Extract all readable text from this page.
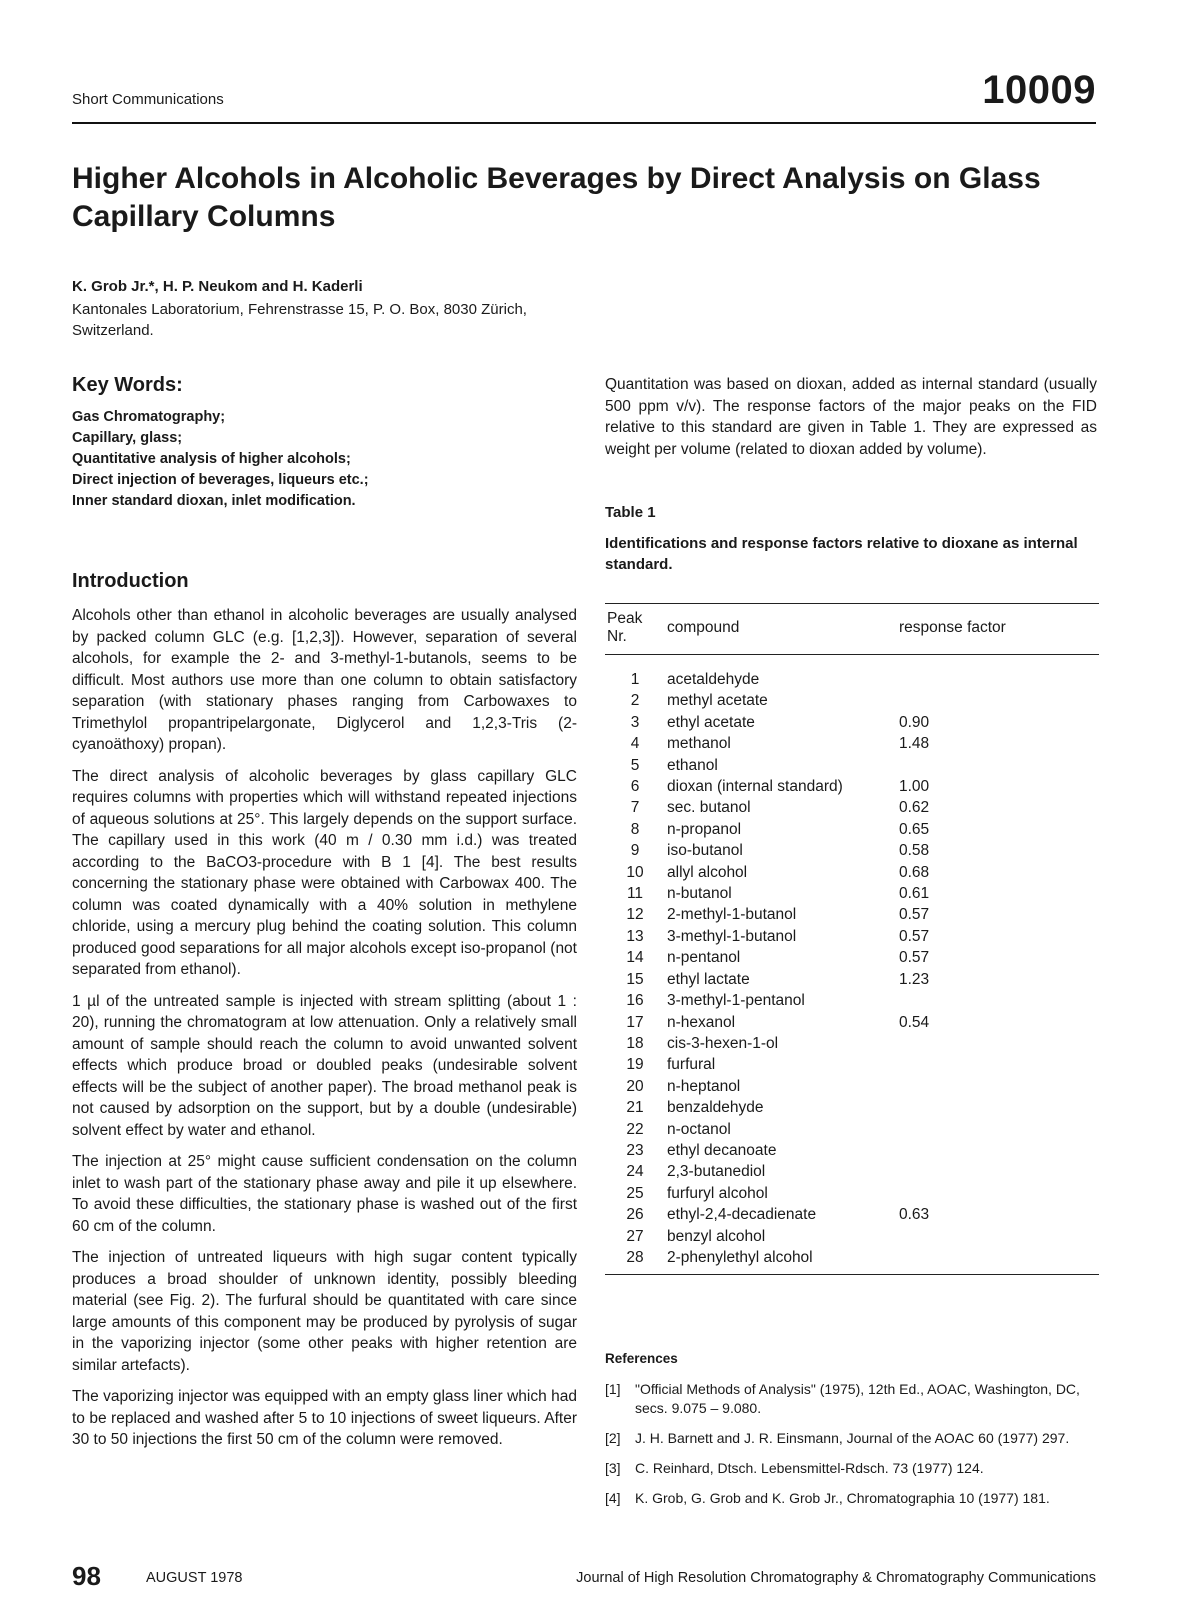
Short Communications	10009
Higher Alcohols in Alcoholic Beverages by Direct Analysis on Glass Capillary Columns
K. Grob Jr.*, H. P. Neukom and H. Kaderli
Kantonales Laboratorium, Fehrenstrasse 15, P. O. Box, 8030 Zürich, Switzerland.
Key Words:
Gas Chromatography;
Capillary, glass;
Quantitative analysis of higher alcohols;
Direct injection of beverages, liqueurs etc.;
Inner standard dioxan, inlet modification.
Introduction

Alcohols other than ethanol in alcoholic beverages are usually analysed by packed column GLC (e.g. [1,2,3]). However, separation of several alcohols, for example the 2- and 3-methyl-1-butanols, seems to be difficult. Most authors use more than one column to obtain satisfactory separation (with stationary phases ranging from Carbowaxes to Trimethylol propantripelargonate, Diglycerol and 1,2,3-Tris (2-cyanoäthoxy) propan).

The direct analysis of alcoholic beverages by glass capillary GLC requires columns with properties which will withstand repeated injections of aqueous solutions at 25°. This largely depends on the support surface. The capillary used in this work (40 m / 0.30 mm i.d.) was treated according to the BaCO3-procedure with B 1 [4]. The best results concerning the stationary phase were obtained with Carbowax 400. The column was coated dynamically with a 40% solution in methylene chloride, using a mercury plug behind the coating solution. This column produced good separations for all major alcohols except iso-propanol (not separated from ethanol).

1 µl of the untreated sample is injected with stream splitting (about 1 : 20), running the chromatogram at low attenuation. Only a relatively small amount of sample should reach the column to avoid unwanted solvent effects which produce broad or doubled peaks (undesirable solvent effects will be the subject of another paper). The broad methanol peak is not caused by adsorption on the support, but by a double (undesirable) solvent effect by water and ethanol.

The injection at 25° might cause sufficient condensation on the column inlet to wash part of the stationary phase away and pile it up elsewhere. To avoid these difficulties, the stationary phase is washed out of the first 60 cm of the column.

The injection of untreated liqueurs with high sugar content typically produces a broad shoulder of unknown identity, possibly bleeding material (see Fig. 2). The furfural should be quantitated with care since large amounts of this component may be produced by pyrolysis of sugar in the vaporizing injector (some other peaks with higher retention are similar artefacts).

The vaporizing injector was equipped with an empty glass liner which had to be replaced and washed after 5 to 10 injections of sweet liqueurs. After 30 to 50 injections the first 50 cm of the column were removed.

Quantitation was based on dioxan, added as internal standard (usually 500 ppm v/v). The response factors of the major peaks on the FID relative to this standard are given in Table 1. They are expressed as weight per volume (related to dioxan added by volume).

Table 1
Identifications and response factors relative to dioxane as internal standard.
Peak Nr.	compound	response factor
1	acetaldehyde	
2	methyl acetate	
3	ethyl acetate	0.90
4	methanol	1.48
5	ethanol	
6	dioxan (internal standard)	1.00
7	sec. butanol	0.62
8	n-propanol	0.65
9	iso-butanol	0.58
10	allyl alcohol	0.68
11	n-butanol	0.61
12	2-methyl-1-butanol	0.57
13	3-methyl-1-butanol	0.57
14	n-pentanol	0.57
15	ethyl lactate	1.23
16	3-methyl-1-pentanol	
17	n-hexanol	0.54
18	cis-3-hexen-1-ol	
19	furfural	
20	n-heptanol	
21	benzaldehyde	
22	n-octanol	
23	ethyl decanoate	
24	2,3-butanediol	
25	furfuryl alcohol	
26	ethyl-2,4-decadienate	0.63
27	benzyl alcohol	
28	2-phenylethyl alcohol	
References
[1]	"Official Methods of Analysis" (1975), 12th Ed., AOAC, Washington, DC, secs. 9.075 – 9.080.
[2]	J. H. Barnett and J. R. Einsmann, Journal of the AOAC 60 (1977) 297.
[3]	C. Reinhard, Dtsch. Lebensmittel-Rdsch. 73 (1977) 124.
[4]	K. Grob, G. Grob and K. Grob Jr., Chromatographia 10 (1977) 181.
98	AUGUST 1978	Journal of High Resolution Chromatography & Chromatography Communications
